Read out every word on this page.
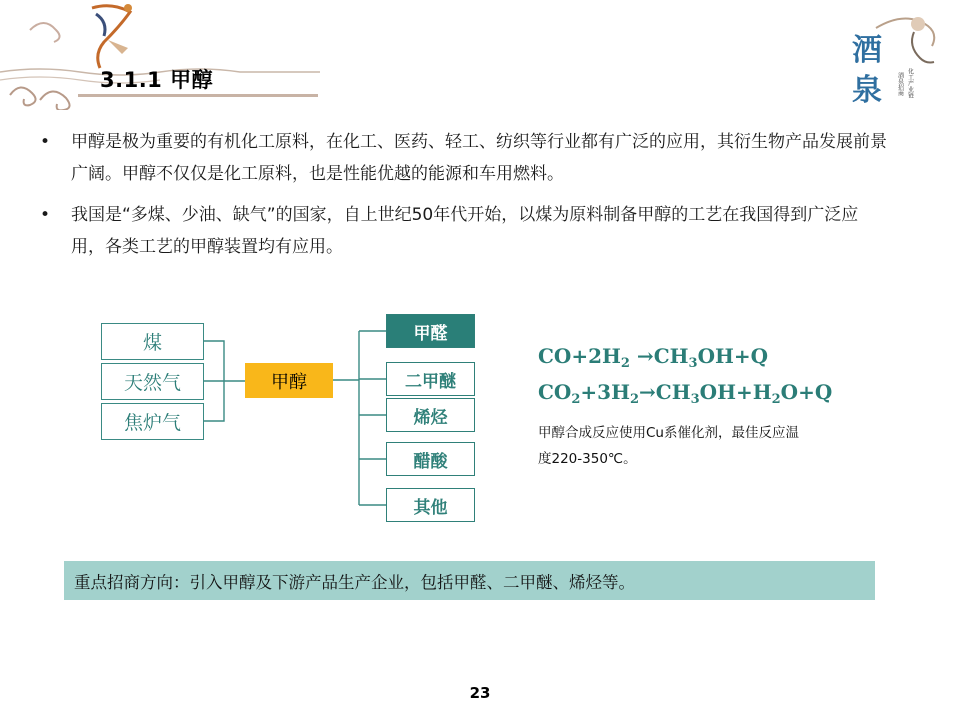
3.1.1 甲醇
酒
泉	化工产业链
酒泉招商
• 甲醇是极为重要的有机化工原料，在化工、医药、轻工、纺织等行业都有广泛的应用，其衍生物产品发展前景广阔。甲醇不仅仅是化工原料，也是性能优越的能源和车用燃料。
• 我国是“多煤、少油、缺气”的国家，自上世纪50年代开始，以煤为原料制备甲醇的工艺在我国得到广泛应用，各类工艺的甲醇装置均有应用。
煤
天然气
焦炉气
甲醇
甲醛
二甲醚
烯烃
醋酸
其他
$CO+2H_2 \to CH_3OH+Q$
$CO_2+3H_2\to CH_3OH+H_2O+Q$
甲醇合成反应使用Cu系催化剂，最佳反应温度220-350℃。
重点招商方向：引入甲醇及下游产品生产企业，包括甲醛、二甲醚、烯烃等。
23
